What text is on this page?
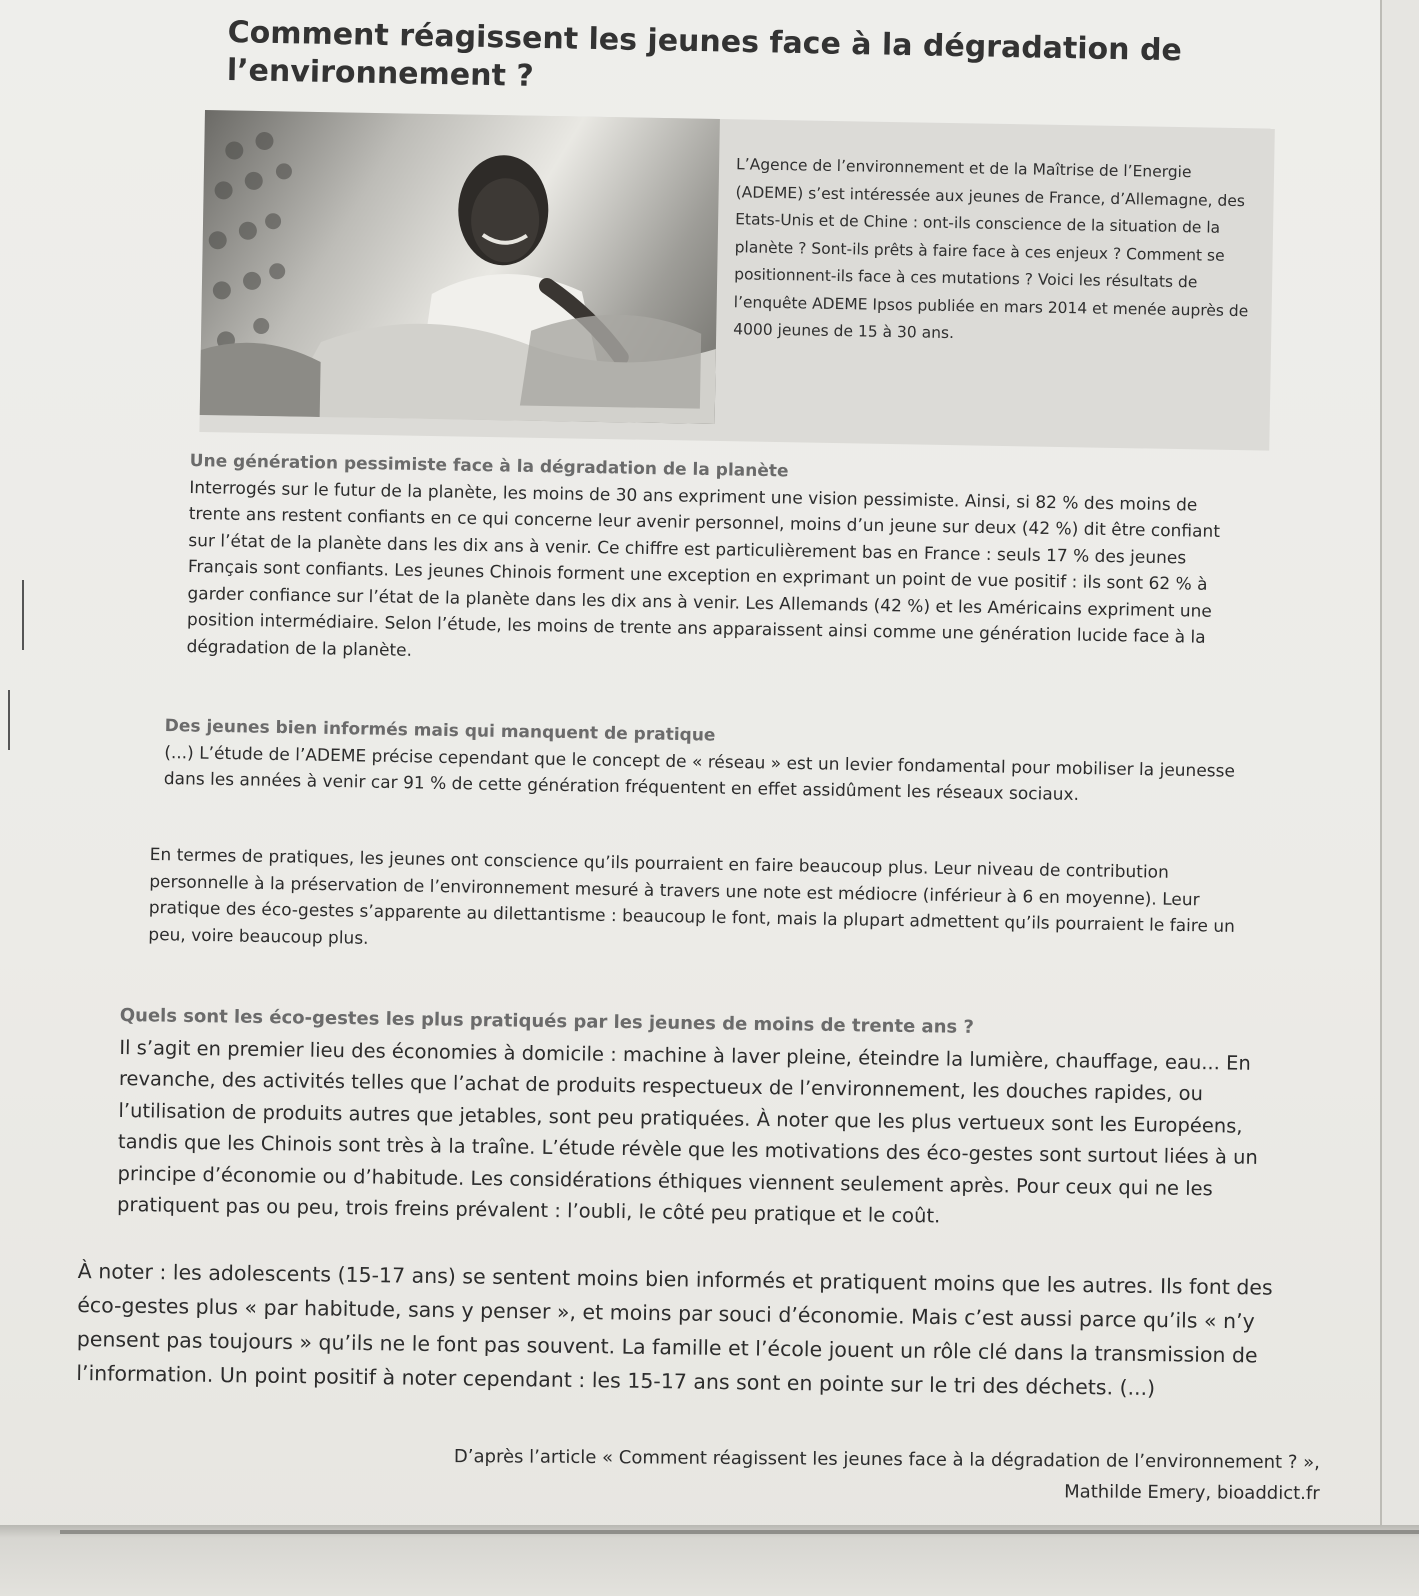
Comment réagissent les jeunes face à la dégradation de l’environnement ?

L’Agence de l’environnement et de la Maîtrise de l’Energie (ADEME) s’est intéressée aux jeunes de France, d’Allemagne, des Etats-Unis et de Chine : ont-ils conscience de la situation de la planète ? Sont-ils prêts à faire face à ces enjeux ? Comment se positionnent-ils face à ces mutations ? Voici les résultats de l’enquête ADEME Ipsos publiée en mars 2014 et menée auprès de 4000 jeunes de 15 à 30 ans.

Une génération pessimiste face à la dégradation de la planète
Interrogés sur le futur de la planète, les moins de 30 ans expriment une vision pessimiste. Ainsi, si 82 % des moins de trente ans restent confiants en ce qui concerne leur avenir personnel, moins d’un jeune sur deux (42 %) dit être confiant sur l’état de la planète dans les dix ans à venir. Ce chiffre est particulièrement bas en France : seuls 17 % des jeunes Français sont confiants. Les jeunes Chinois forment une exception en exprimant un point de vue positif : ils sont 62 % à garder confiance sur l’état de la planète dans les dix ans à venir. Les Allemands (42 %) et les Américains expriment une position intermédiaire. Selon l’étude, les moins de trente ans apparaissent ainsi comme une génération lucide face à la dégradation de la planète.
Des jeunes bien informés mais qui manquent de pratique
(...) L’étude de l’ADEME précise cependant que le concept de « réseau » est un levier fondamental pour mobiliser la jeunesse dans les années à venir car 91 % de cette génération fréquentent en effet assidûment les réseaux sociaux.

En termes de pratiques, les jeunes ont conscience qu’ils pourraient en faire beaucoup plus. Leur niveau de contribution personnelle à la préservation de l’environnement mesuré à travers une note est médiocre (inférieur à 6 en moyenne). Leur pratique des éco-gestes s’apparente au dilettantisme : beaucoup le font, mais la plupart admettent qu’ils pourraient le faire un peu, voire beaucoup plus.

Quels sont les éco-gestes les plus pratiqués par les jeunes de moins de trente ans ?
Il s’agit en premier lieu des économies à domicile : machine à laver pleine, éteindre la lumière, chauffage, eau... En revanche, des activités telles que l’achat de produits respectueux de l’environnement, les douches rapides, ou l’utilisation de produits autres que jetables, sont peu pratiquées. À noter que les plus vertueux sont les Européens, tandis que les Chinois sont très à la traîne. L’étude révèle que les motivations des éco-gestes sont surtout liées à un principe d’économie ou d’habitude. Les considérations éthiques viennent seulement après. Pour ceux qui ne les pratiquent pas ou peu, trois freins prévalent : l’oubli, le côté peu pratique et le coût.

À noter : les adolescents (15-17 ans) se sentent moins bien informés et pratiquent moins que les autres. Ils font des éco-gestes plus « par habitude, sans y penser », et moins par souci d’économie. Mais c’est aussi parce qu’ils « n’y pensent pas toujours » qu’ils ne le font pas souvent. La famille et l’école jouent un rôle clé dans la transmission de l’information. Un point positif à noter cependant : les 15-17 ans sont en pointe sur le tri des déchets. (...)

D’après l’article « Comment réagissent les jeunes face à la dégradation de l’environnement ? »,
Mathilde Emery, bioaddict.fr
